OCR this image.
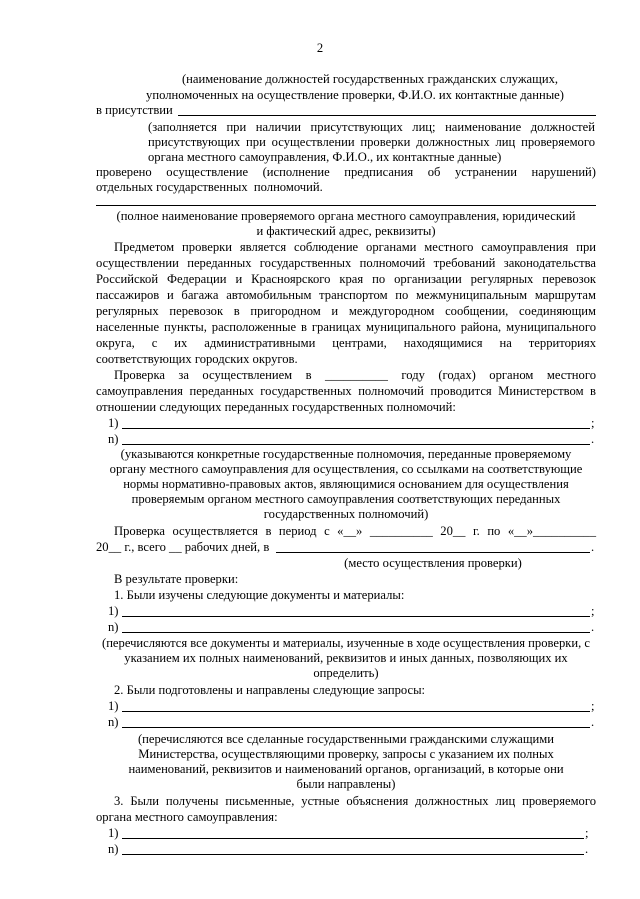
2
(наименование должностей государственных гражданских служащих,
уполномоченных на осуществление проверки, Ф.И.О. их контактные данные)
в присутствии
(заполняется при наличии присутствующих лиц; наименование должностей
присутствующих при осуществлении проверки должностных лиц проверяемого
органа местного самоуправления, Ф.И.О., их контактные данные)
проверено осуществление (исполнение предписания об устранении нарушений)
отдельных государственных  полномочий.
(полное наименование проверяемого органа местного самоуправления, юридический
и фактический адрес, реквизиты)
Предметом проверки является соблюдение органами местного самоуправления при
осуществлении переданных государственных полномочий требований законодательства
Российской Федерации и Красноярского края по организации регулярных перевозок
пассажиров и багажа автомобильным транспортом по межмуниципальным маршрутам
регулярных перевозок в пригородном и междугородном сообщении, соединяющим
населенные пункты, расположенные в границах муниципального района, муниципального
округа, с их административными центрами, находящимися на территориях
соответствующих городских округов.
Проверка за осуществлением в __________ году (годах) органом местного
самоуправления переданных государственных полномочий проводится Министерством в
отношении следующих переданных государственных полномочий:
1)	;
n)	.
(указываются конкретные государственные полномочия, переданные проверяемому
органу местного самоуправления для осуществления, со ссылками на соответствующие
нормы нормативно-правовых актов, являющимися основанием для осуществления
проверяемым органом местного самоуправления соответствующих переданных
государственных полномочий)
Проверка осуществляется в период с «__» __________ 20__ г. по «__»__________
20__ г., всего __ рабочих дней, в	.
(место осуществления проверки)
В результате проверки:
1. Были изучены следующие документы и материалы:
1)	;
n)	.
(перечисляются все документы и материалы, изученные в ходе осуществления проверки, с
указанием их полных наименований, реквизитов и иных данных, позволяющих их
определить)
2. Были подготовлены и направлены следующие запросы:
1)	;
n)	.
(перечисляются все сделанные государственными гражданскими служащими
Министерства, осуществляющими проверку, запросы с указанием их полных
наименований, реквизитов и наименований органов, организаций, в которые они
были направлены)
3. Были получены письменные, устные объяснения должностных лиц проверяемого
органа местного самоуправления:
1)	;
n)	.
